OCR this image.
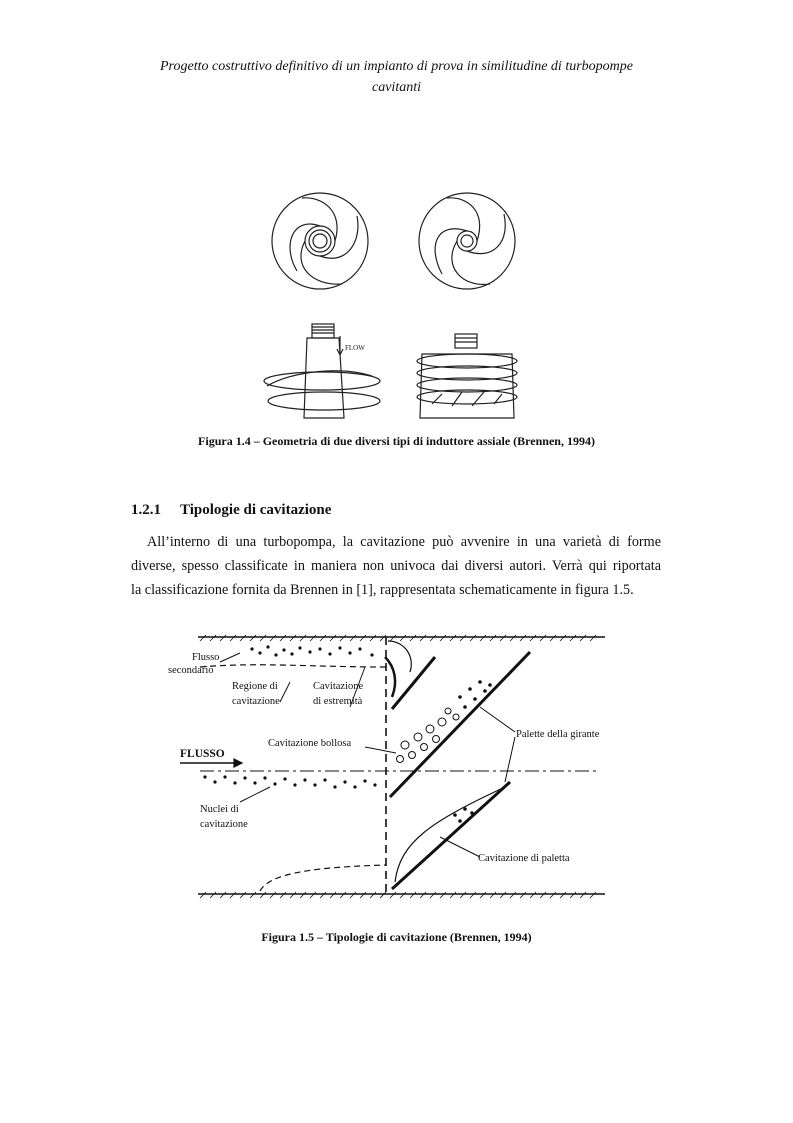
Progetto costruttivo definitivo di un impianto di prova in similitudine di turbopompe
cavitanti
FLOW
Figura 1.4 – Geometria di due diversi tipi di induttore assiale (Brennen, 1994)
1.2.1 Tipologie di cavitazione
All’interno di una turbopompa, la cavitazione può avvenire in una varietà di forme
diverse, spesso classificate in maniera non univoca dai diversi autori. Verrà qui riportata
la classificazione fornita da Brennen in [1], rappresentata schematicamente in figura 1.5.
Flusso
secondario
Regione di
cavitazione
Cavitazione
di estremità
Cavitazione bollosa
FLUSSO
Nuclei di
cavitazione
Palette della girante
Cavitazione di paletta
Figura 1.5 – Tipologie di cavitazione (Brennen, 1994)
